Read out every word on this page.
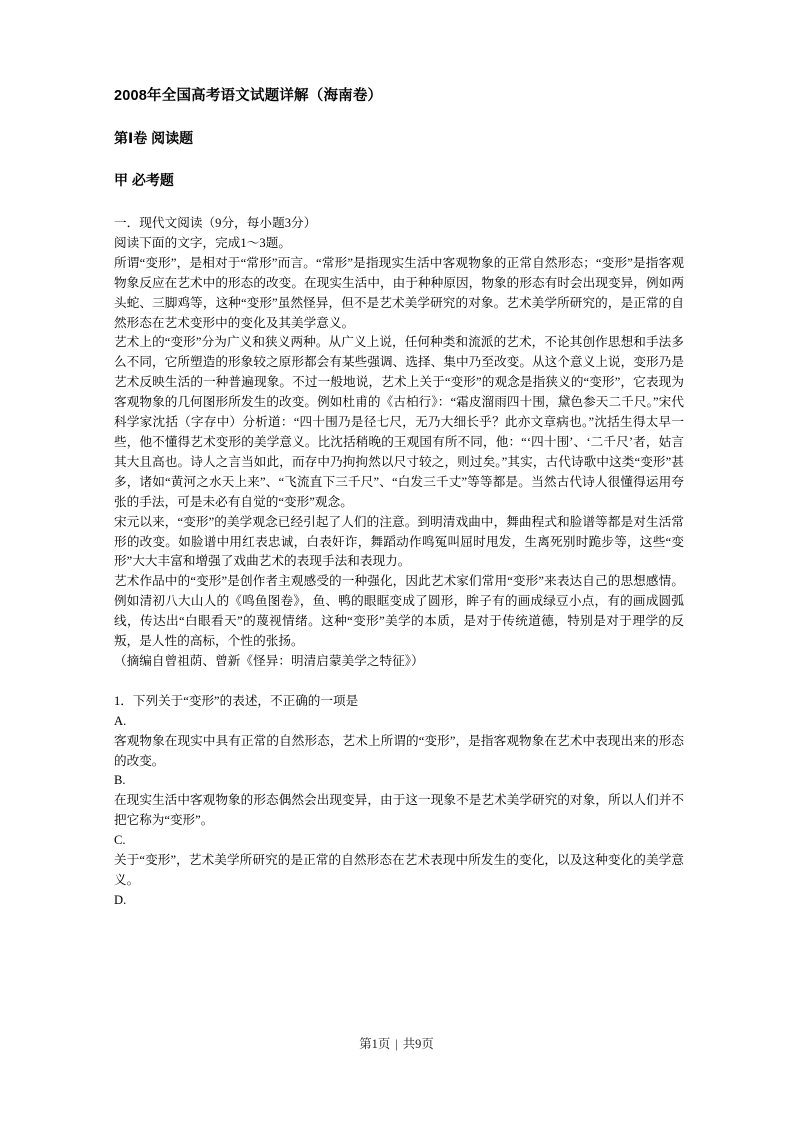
2008年全国高考语文试题详解（海南卷）
第Ⅰ卷 阅读题
甲 必考题

一．现代文阅读（9分，每小题3分）

阅读下面的文字，完成1～3题。

所谓“变形”，是相对于“常形”而言。“常形”是指现实生活中客观物象的正常自然形态；“变形”是指客观物象反应在艺术中的形态的改变。在现实生活中，由于种种原因，物象的形态有时会出现变异，例如两头蛇、三脚鸡等，这种“变形”虽然怪异，但不是艺术美学研究的对象。艺术美学所研究的，是正常的自然形态在艺术变形中的变化及其美学意义。

艺术上的“变形”分为广义和狭义两种。从广义上说，任何种类和流派的艺术，不论其创作思想和手法多么不同，它所塑造的形象较之原形都会有某些强调、选择、集中乃至改变。从这个意义上说，变形乃是艺术反映生活的一种普遍现象。不过一般地说，艺术上关于“变形”的观念是指狭义的“变形”，它表现为客观物象的几何图形所发生的改变。例如杜甫的《古柏行》：“霜皮溜雨四十围，黛色参天二千尺。”宋代科学家沈括（字存中）分析道：“四十围乃是径七尺，无乃大细长乎？此亦文章病也。”沈括生得太早一些，他不懂得艺术变形的美学意义。比沈括稍晚的王观国有所不同，他：“‘四十围’、‘二千尺’者，姑言其大且高也。诗人之言当如此，而存中乃拘拘然以尺寸较之，则过矣。”其实，古代诗歌中这类“变形”甚多，诸如“黄河之水天上来”、“飞流直下三千尺”、“白发三千丈”等等都是。当然古代诗人很懂得运用夸张的手法，可是未必有自觉的“变形”观念。

宋元以来，“变形”的美学观念已经引起了人们的注意。到明清戏曲中，舞曲程式和脸谱等都是对生活常形的改变。如脸谱中用红表忠诚，白表奸诈，舞蹈动作鸣冤叫屈时甩发，生离死别时跪步等，这些“变形”大大丰富和增强了戏曲艺术的表现手法和表现力。

艺术作品中的“变形”是创作者主观感受的一种强化，因此艺术家们常用“变形”来表达自己的思想感情。例如清初八大山人的《鸣鱼图卷》，鱼、鸭的眼眶变成了圆形，眸子有的画成绿豆小点，有的画成圆弧线，传达出“白眼看天”的蔑视情绪。这种“变形”美学的本质，是对于传统道德，特别是对于理学的反叛，是人性的高标，个性的张扬。

（摘编自曾祖荫、曾新《怪异：明清启蒙美学之特征》）

1．下列关于“变形”的表述，不正确的一项是

A.

客观物象在现实中具有正常的自然形态，艺术上所谓的“变形”，是指客观物象在艺术中表现出来的形态的改变。

B.

在现实生活中客观物象的形态偶然会出现变异，由于这一现象不是艺术美学研究的对象，所以人们并不把它称为“变形”。

C.

关于“变形”，艺术美学所研究的是正常的自然形态在艺术表现中所发生的变化，以及这种变化的美学意义。

D.

第1页 | 共9页
